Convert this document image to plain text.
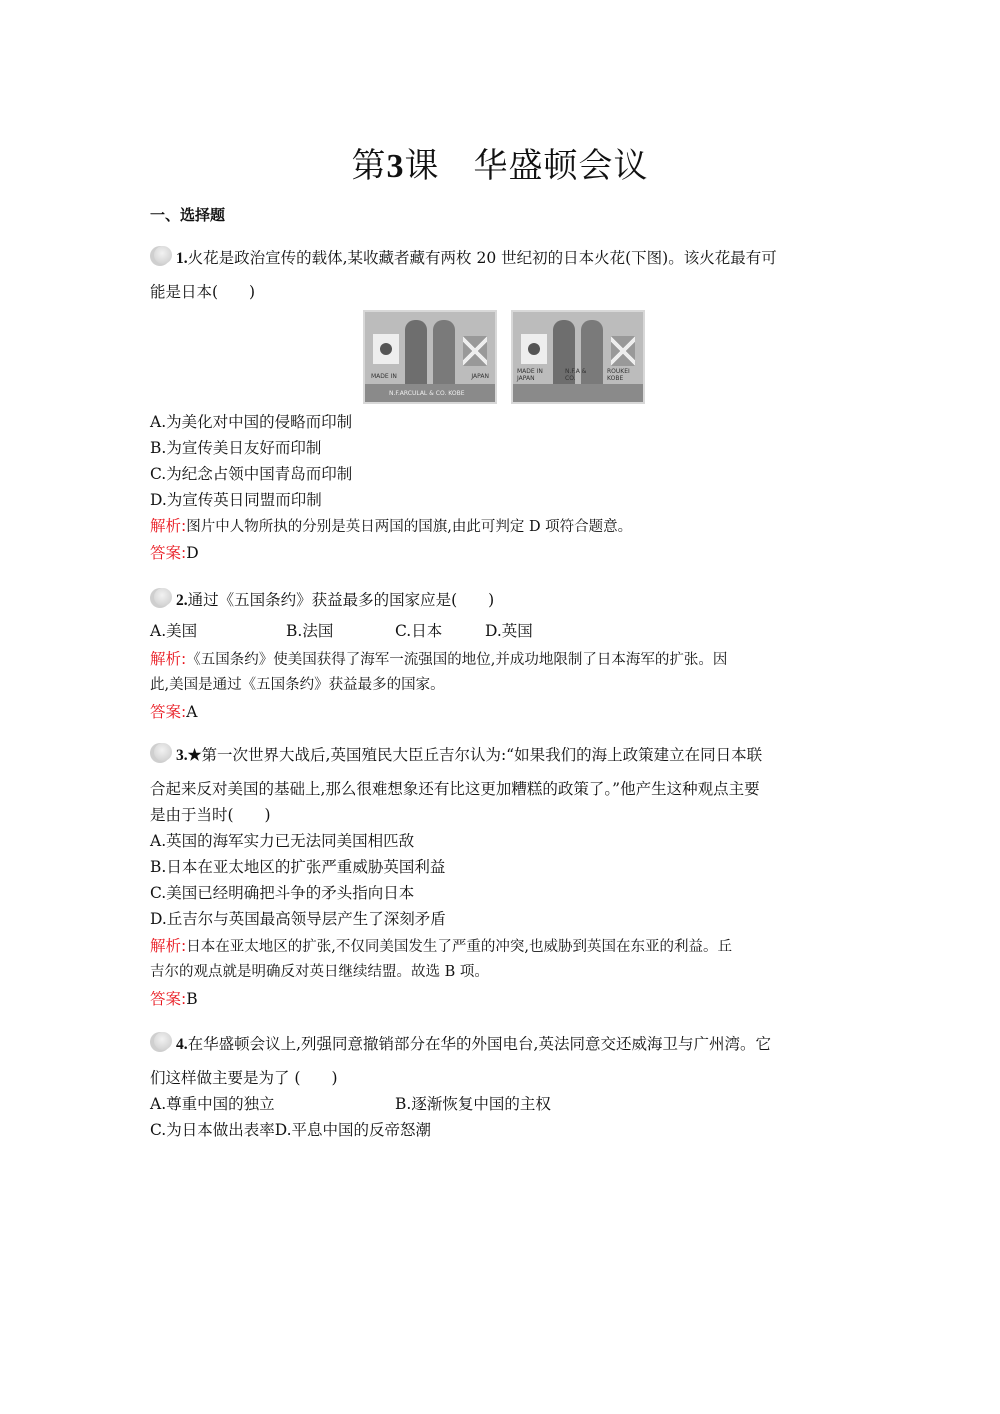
第3课 华盛顿会议
一、选择题
1.火花是政治宣传的载体,某收藏者藏有两枚 20 世纪初的日本火花(下图)。该火花最有可
能是日本(　　)
MADE IN	JAPAN
N.F.ARCULAL & CO. KOBE
MADE IN JAPAN
N.F.A & CO.
ROUKEI KOBE
A.为美化对中国的侵略而印制
B.为宣传美日友好而印制
C.为纪念占领中国青岛而印制
D.为宣传英日同盟而印制
解析:图片中人物所执的分别是英日两国的国旗,由此可判定 D 项符合题意。
答案:D
2.通过《五国条约》获益最多的国家应是(　　)
A.美国	B.法国	C.日本	D.英国
解析:《五国条约》使美国获得了海军一流强国的地位,并成功地限制了日本海军的扩张。因
此,美国是通过《五国条约》获益最多的国家。
答案:A
3.★第一次世界大战后,英国殖民大臣丘吉尔认为:“如果我们的海上政策建立在同日本联
合起来反对美国的基础上,那么很难想象还有比这更加糟糕的政策了。”他产生这种观点主要
是由于当时(　　)
A.英国的海军实力已无法同美国相匹敌
B.日本在亚太地区的扩张严重威胁英国利益
C.美国已经明确把斗争的矛头指向日本
D.丘吉尔与英国最高领导层产生了深刻矛盾
解析:日本在亚太地区的扩张,不仅同美国发生了严重的冲突,也威胁到英国在东亚的利益。丘
吉尔的观点就是明确反对英日继续结盟。故选 B 项。
答案:B
4.在华盛顿会议上,列强同意撤销部分在华的外国电台,英法同意交还威海卫与广州湾。它
们这样做主要是为了 (　　)
A.尊重中国的独立	B.逐渐恢复中国的主权
C.为日本做出表率D.平息中国的反帝怒潮
